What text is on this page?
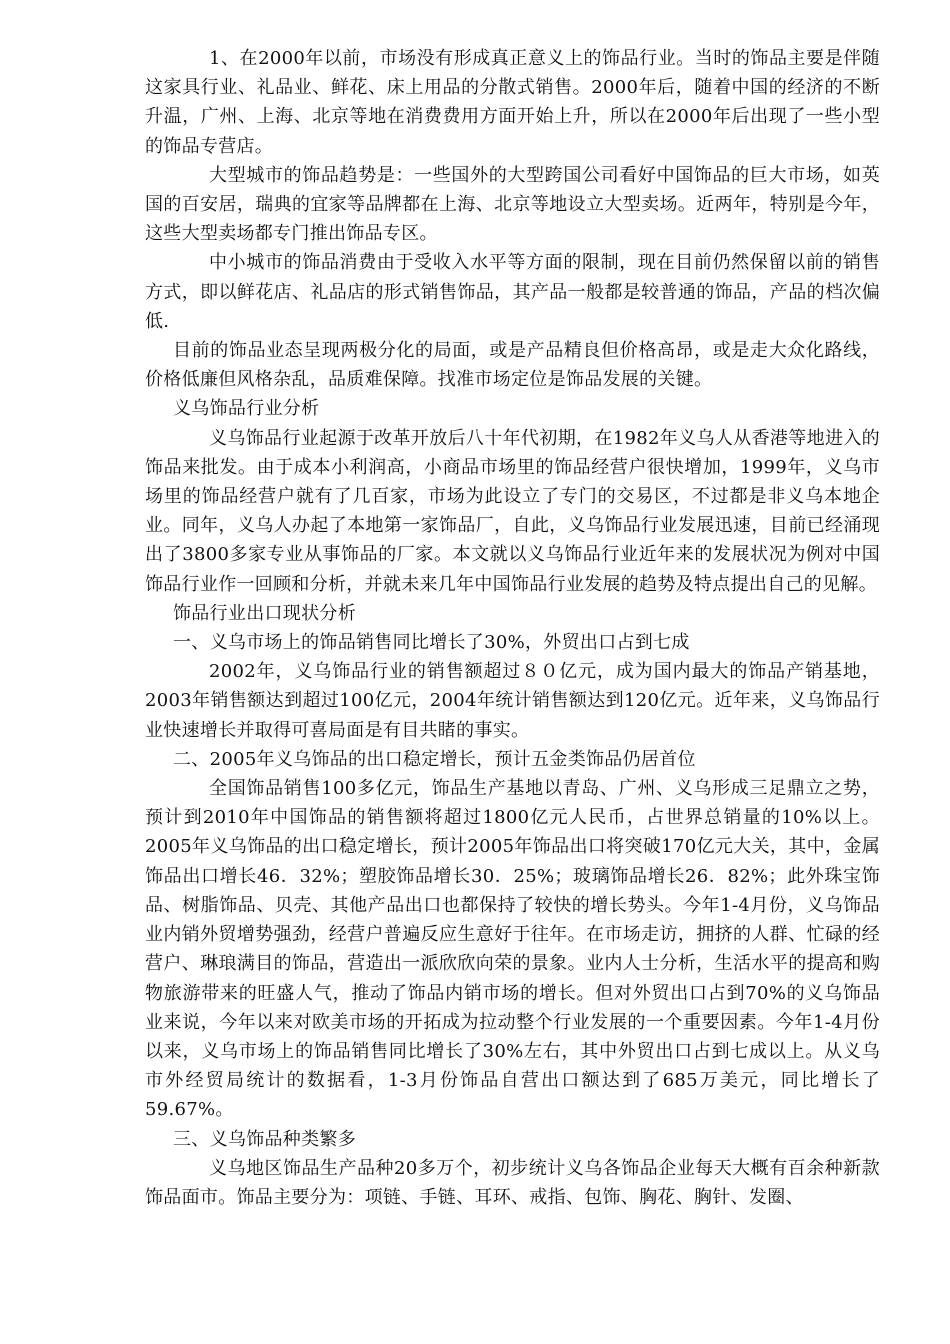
1、在2000年以前，市场没有形成真正意义上的饰品行业。当时的饰品主要是伴随这家具行业、礼品业、鲜花、床上用品的分散式销售。2000年后，随着中国的经济的不断升温，广州、上海、北京等地在消费费用方面开始上升，所以在2000年后出现了一些小型的饰品专营店。

大型城市的饰品趋势是：一些国外的大型跨国公司看好中国饰品的巨大市场，如英国的百安居，瑞典的宜家等品牌都在上海、北京等地设立大型卖场。近两年，特别是今年，这些大型卖场都专门推出饰品专区。

中小城市的饰品消费由于受收入水平等方面的限制，现在目前仍然保留以前的销售方式，即以鲜花店、礼品店的形式销售饰品，其产品一般都是较普通的饰品，产品的档次偏低.

目前的饰品业态呈现两极分化的局面，或是产品精良但价格高昂，或是走大众化路线，价格低廉但风格杂乱，品质难保障。找准市场定位是饰品发展的关键。

义乌饰品行业分析

义乌饰品行业起源于改革开放后八十年代初期，在1982年义乌人从香港等地进入的饰品来批发。由于成本小利润高，小商品市场里的饰品经营户很快增加，1999年，义乌市场里的饰品经营户就有了几百家，市场为此设立了专门的交易区，不过都是非义乌本地企业。同年，义乌人办起了本地第一家饰品厂，自此，义乌饰品行业发展迅速，目前已经涌现出了3800多家专业从事饰品的厂家。本文就以义乌饰品行业近年来的发展状况为例对中国饰品行业作一回顾和分析，并就未来几年中国饰品行业发展的趋势及特点提出自己的见解。

饰品行业出口现状分析

一、义乌市场上的饰品销售同比增长了30%，外贸出口占到七成

2002年，义乌饰品行业的销售额超过８０亿元，成为国内最大的饰品产销基地，2003年销售额达到超过100亿元，2004年统计销售额达到120亿元。近年来，义乌饰品行业快速增长并取得可喜局面是有目共睹的事实。

二、2005年义乌饰品的出口稳定增长，预计五金类饰品仍居首位

全国饰品销售100多亿元，饰品生产基地以青岛、广州、义乌形成三足鼎立之势，预计到2010年中国饰品的销售额将超过1800亿元人民币，占世界总销量的10%以上。2005年义乌饰品的出口稳定增长，预计2005年饰品出口将突破170亿元大关，其中，金属饰品出口增长46．32%；塑胶饰品增长30．25%；玻璃饰品增长26．82%；此外珠宝饰品、树脂饰品、贝壳、其他产品出口也都保持了较快的增长势头。今年1-4月份，义乌饰品业内销外贸增势强劲，经营户普遍反应生意好于往年。在市场走访，拥挤的人群、忙碌的经营户、琳琅满目的饰品，营造出一派欣欣向荣的景象。业内人士分析，生活水平的提高和购物旅游带来的旺盛人气，推动了饰品内销市场的增长。但对外贸出口占到70%的义乌饰品业来说，今年以来对欧美市场的开拓成为拉动整个行业发展的一个重要因素。今年1-4月份以来，义乌市场上的饰品销售同比增长了30%左右，其中外贸出口占到七成以上。从义乌市外经贸局统计的数据看，1-3月份饰品自营出口额达到了685万美元，同比增长了59.67%。

三、义乌饰品种类繁多

义乌地区饰品生产品种20多万个，初步统计义乌各饰品企业每天大概有百余种新款饰品面市。饰品主要分为：项链、手链、耳环、戒指、包饰、胸花、胸针、发圈、
